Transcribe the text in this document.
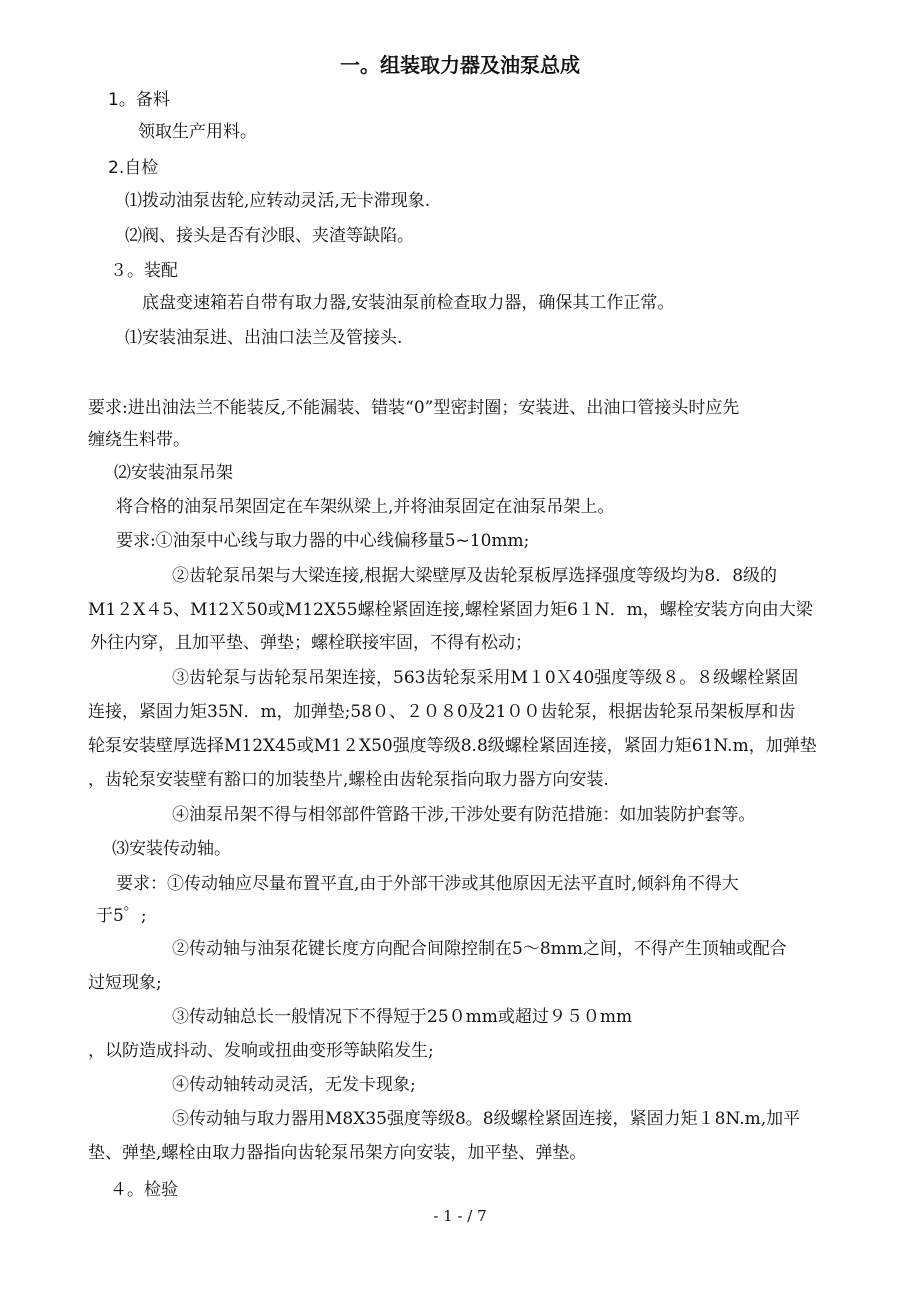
一。组装取力器及油泵总成
1。备料
领取生产用料。
2.自检
⑴拨动油泵齿轮,应转动灵活,无卡滞现象.
⑵阀、接头是否有沙眼、夹渣等缺陷。
３。装配
底盘变速箱若自带有取力器,安装油泵前检查取力器，确保其工作正常。
⑴安装油泵进、出油口法兰及管接头.
要求:进出油法兰不能装反,不能漏装、错装“0”型密封圈；安装进、出油口管接头时应先
缠绕生料带。
⑵安装油泵吊架
将合格的油泵吊架固定在车架纵梁上,并将油泵固定在油泵吊架上。
要求:①油泵中心线与取力器的中心线偏移量5~10mm;
②齿轮泵吊架与大梁连接,根据大梁壁厚及齿轮泵板厚选择强度等级均为8．8级的
M1２X４5、M12Ｘ50或M12X55螺栓紧固连接,螺栓紧固力矩6１N．m，螺栓安装方向由大梁
外往内穿，且加平垫、弹垫；螺栓联接牢固，不得有松动；
③齿轮泵与齿轮泵吊架连接，563齿轮泵采用M１0Ｘ40强度等级８。８级螺栓紧固
连接，紧固力矩35N．m，加弹垫;58０、２０８0及21００齿轮泵，根据齿轮泵吊架板厚和齿
轮泵安装壁厚选择M12X45或M1２X50强度等级8.8级螺栓紧固连接，紧固力矩61N.m，加弹垫
，齿轮泵安装壁有豁口的加装垫片,螺栓由齿轮泵指向取力器方向安装.
④油泵吊架不得与相邻部件管路干涉,干涉处要有防范措施：如加装防护套等。
⑶安装传动轴。
要求：①传动轴应尽量布置平直,由于外部干涉或其他原因无法平直时,倾斜角不得大
于5゜;
②传动轴与油泵花键长度方向配合间隙控制在5～8mm之间，不得产生顶轴或配合
过短现象;
③传动轴总长一般情况下不得短于25０mm或超过９５０mm
，以防造成抖动、发响或扭曲变形等缺陷发生;
④传动轴转动灵活，无发卡现象;
⑤传动轴与取力器用M8X35强度等级8。8级螺栓紧固连接，紧固力矩１8N.m,加平
垫、弹垫,螺栓由取力器指向齿轮泵吊架方向安装，加平垫、弹垫。
４。检验
- 1 - / 7
